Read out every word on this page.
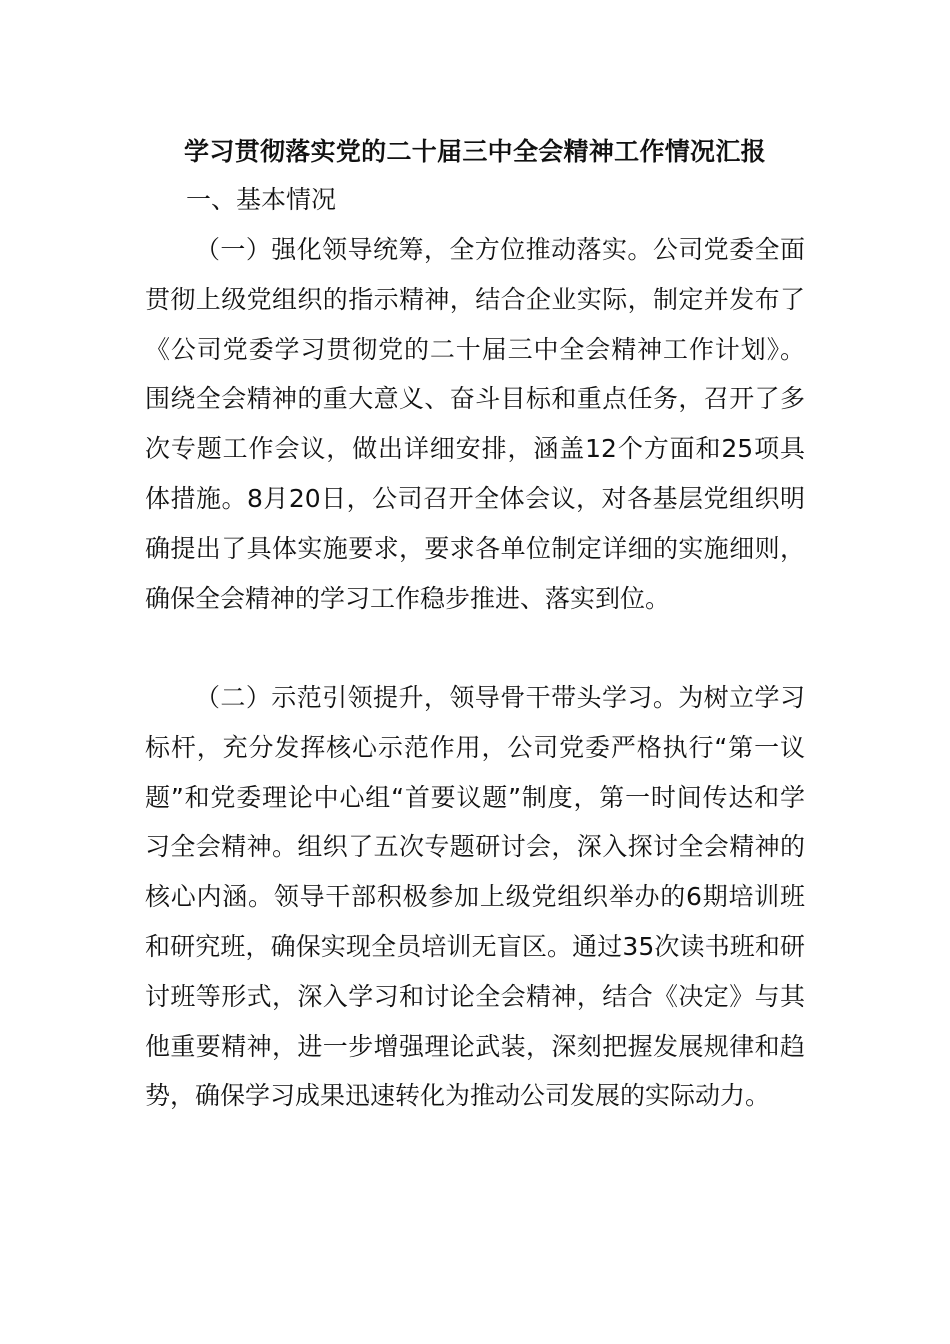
学习贯彻落实党的二十届三中全会精神工作情况汇报
一、基本情况

（一）强化领导统筹，全方位推动落实。公司党委全面贯彻上级党组织的指示精神，结合企业实际，制定并发布了《公司党委学习贯彻党的二十届三中全会精神工作计划》。围绕全会精神的重大意义、奋斗目标和重点任务，召开了多次专题工作会议，做出详细安排，涵盖12个方面和25项具体措施。8月20日，公司召开全体会议，对各基层党组织明确提出了具体实施要求，要求各单位制定详细的实施细则，确保全会精神的学习工作稳步推进、落实到位。

（二）示范引领提升，领导骨干带头学习。为树立学习标杆，充分发挥核心示范作用，公司党委严格执行“第一议题”和党委理论中心组“首要议题”制度，第一时间传达和学习全会精神。组织了五次专题研讨会，深入探讨全会精神的核心内涵。领导干部积极参加上级党组织举办的6期培训班和研究班，确保实现全员培训无盲区。通过35次读书班和研讨班等形式，深入学习和讨论全会精神，结合《决定》与其他重要精神，进一步增强理论武装，深刻把握发展规律和趋势，确保学习成果迅速转化为推动公司发展的实际动力。
